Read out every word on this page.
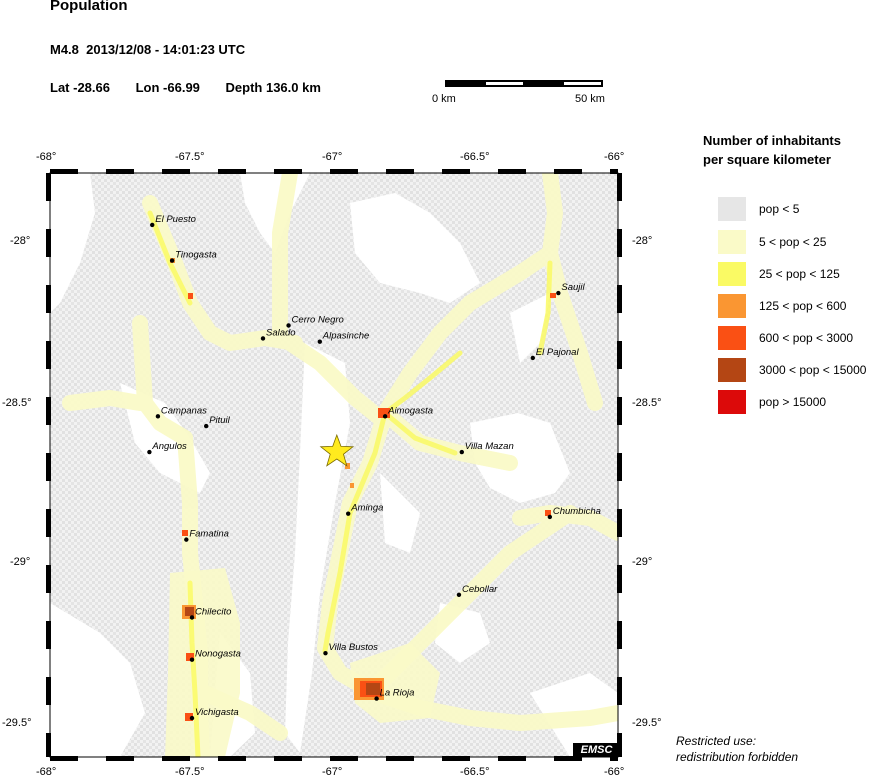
Population
M4.8 2013/12/08 - 14:01:23 UTC
Lat -28.66 Lon -66.99 Depth 136.0 km
0 km	50 km
-68°	-67.5°	-67°	-66.5°	-66°
-68°	-67.5°	-67°	-66.5°	-66°
-28°
-28.5°
-29°
-29.5°
-28°
-28.5°
-29°
-29.5°
El Puesto
Tinogasta
Cerro Negro
Salado	Alpasinche
Saujil
El Pajonal
Campanas
Pituil
Aimogasta
Angulos	Villa Mazan
Aminga	Chumbicha
Famatina
Cebollar
Chilecito
Villa Bustos
Nonogasta
La Rioja
Vichigasta
EMSC
Number of inhabitants
per square kilometer
pop < 5
5 < pop < 25
25 < pop < 125
125 < pop < 600
600 < pop < 3000
3000 < pop < 15000
pop > 15000
Restricted use:
redistribution forbidden
